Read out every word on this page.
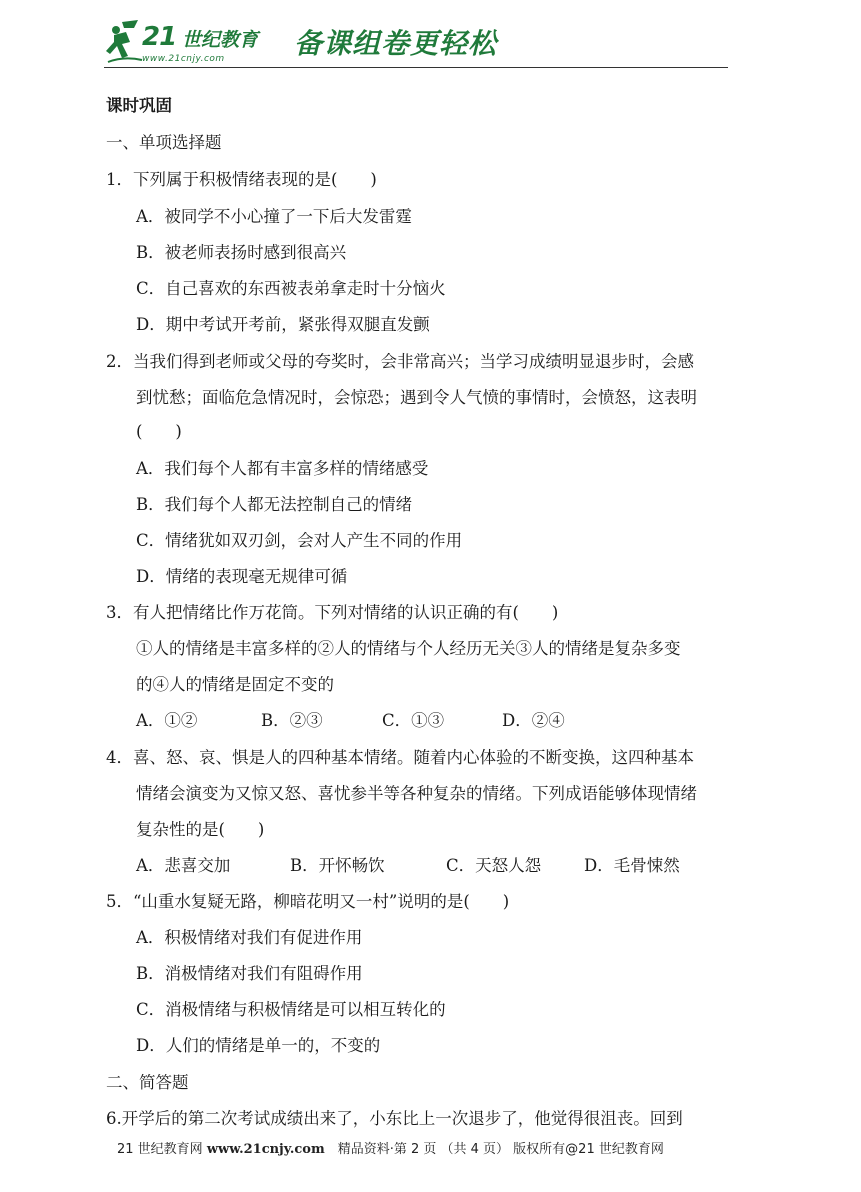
21 世纪教育
www.21cnjy.com 备课组卷更轻松
课时巩固
一、单项选择题
1．下列属于积极情绪表现的是(　　)
A．被同学不小心撞了一下后大发雷霆
B．被老师表扬时感到很高兴
C．自己喜欢的东西被表弟拿走时十分恼火
D．期中考试开考前，紧张得双腿直发颤
2．当我们得到老师或父母的夸奖时，会非常高兴；当学习成绩明显退步时，会感
到忧愁；面临危急情况时，会惊恐；遇到令人气愤的事情时，会愤怒，这表明
(　　)
A．我们每个人都有丰富多样的情绪感受
B．我们每个人都无法控制自己的情绪
C．情绪犹如双刃剑，会对人产生不同的作用
D．情绪的表现毫无规律可循
3．有人把情绪比作万花筒。下列对情绪的认识正确的有(　　)
①人的情绪是丰富多样的②人的情绪与个人经历无关③人的情绪是复杂多变
的④人的情绪是固定不变的
A．①②	B．②③	C．①③	D．②④
4．喜、怒、哀、惧是人的四种基本情绪。随着内心体验的不断变换，这四种基本
情绪会演变为又惊又怒、喜忧参半等各种复杂的情绪。下列成语能够体现情绪
复杂性的是(　　)
A．悲喜交加	B．开怀畅饮	C．天怒人怨	D．毛骨悚然
5．“山重水复疑无路，柳暗花明又一村”说明的是(　　)
A．积极情绪对我们有促进作用
B．消极情绪对我们有阻碍作用
C．消极情绪与积极情绪是可以相互转化的
D．人们的情绪是单一的，不变的
二、简答题
6.开学后的第二次考试成绩出来了，小东比上一次退步了，他觉得很沮丧。回到
21 世纪教育网 www.21cnjy.com　精品资料·第 2 页 （共 4 页） 版权所有@21 世纪教育网
